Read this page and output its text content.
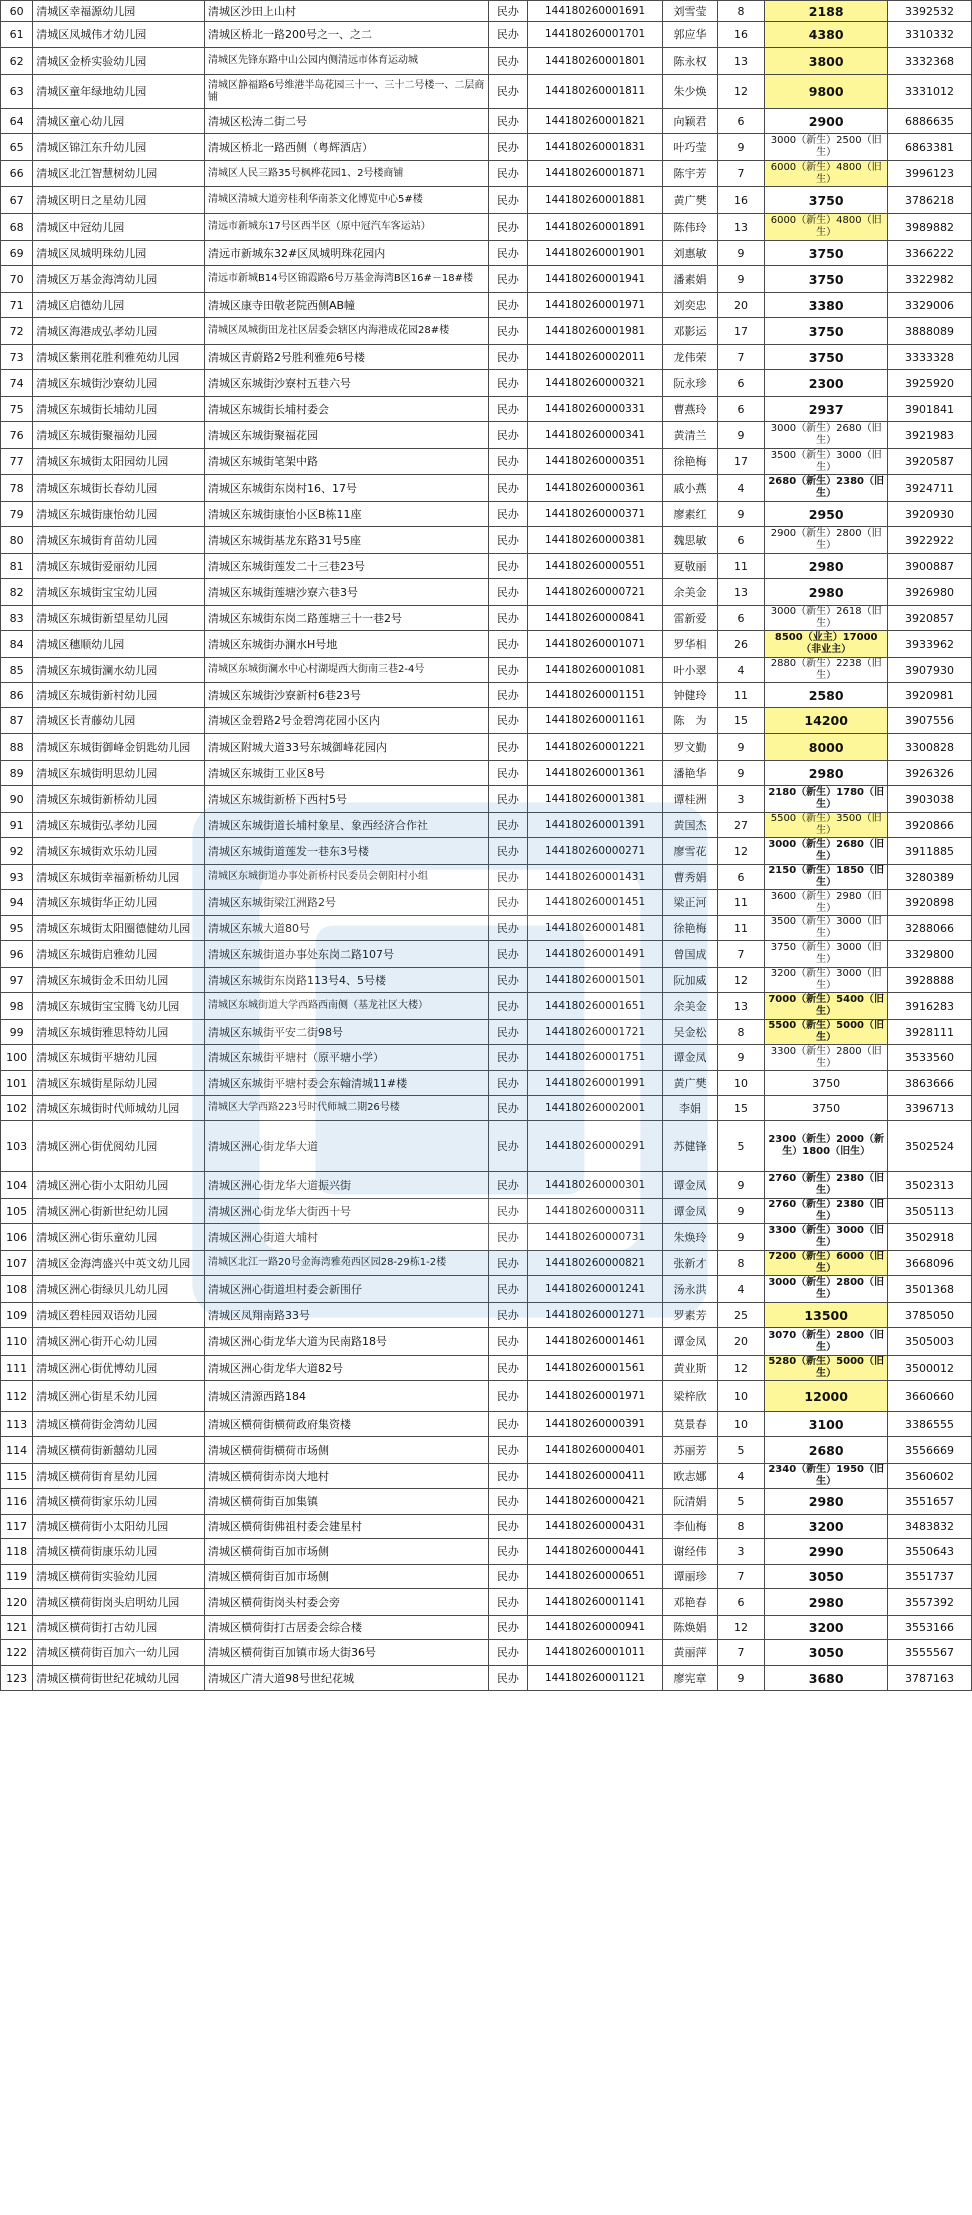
60	清城区幸福源幼儿园	清城区沙田上山村	民办	144180260001691	刘雪莹	8	2188	3392532
61	清城区凤城伟才幼儿园	清城区桥北一路200号之一、之二	民办	144180260001701	郭应华	16	4380	3310332
62	清城区金桥实验幼儿园	清城区先锋东路中山公园内侧清远市体育运动城	民办	144180260001801	陈永权	13	3800	3332368
63	清城区童年绿地幼儿园	清城区静福路6号维港半岛花园三十一、三十二号楼一、二层商铺	民办	144180260001811	朱少焕	12	9800	3331012
64	清城区童心幼儿园	清城区松涛二街二号	民办	144180260001821	向颖君	6	2900	6886635
65	清城区锦江东升幼儿园	清城区桥北一路西侧（粤辉酒店）	民办	144180260001831	叶巧莹	9	3000（新生）2500（旧生）	6863381
66	清城区北江智慧树幼儿园	清城区人民三路35号枫桦花园1、2号楼商铺	民办	144180260001871	陈宇芳	7	6000（新生）4800（旧生）	3996123
67	清城区明日之星幼儿园	清城区清城大道旁桂利华南茶文化博览中心5#楼	民办	144180260001881	黄广樊	16	3750	3786218
68	清城区中冠幼儿园	清远市新城东17号区西半区（原中冠汽车客运站）	民办	144180260001891	陈伟玲	13	6000（新生）4800（旧生）	3989882
69	清城区凤城明珠幼儿园	清远市新城东32#区凤城明珠花园内	民办	144180260001901	刘惠敏	9	3750	3366222
70	清城区万基金海湾幼儿园	清远市新城B14号区锦霞路6号万基金海湾B区16#－18#楼	民办	144180260001941	潘素娟	9	3750	3322982
71	清城区启德幼儿园	清城区康寺田敬老院西侧AB幢	民办	144180260001971	刘奕忠	20	3380	3329006
72	清城区海港成弘孝幼儿园	清城区凤城街田龙社区居委会辖区内海港成花园28#楼	民办	144180260001981	邓影运	17	3750	3888089
73	清城区紫荆花胜利雅苑幼儿园	清城区青蔚路2号胜利雅苑6号楼	民办	144180260002011	龙伟荣	7	3750	3333328
74	清城区东城街沙寮幼儿园	清城区东城街沙寮村五巷六号	民办	144180260000321	阮永珍	6	2300	3925920
75	清城区东城街长埔幼儿园	清城区东城街长埔村委会	民办	144180260000331	曹燕玲	6	2937	3901841
76	清城区东城街聚福幼儿园	清城区东城街聚福花园	民办	144180260000341	黄清兰	9	3000（新生）2680（旧生）	3921983
77	清城区东城街太阳园幼儿园	清城区东城街笔架中路	民办	144180260000351	徐艳梅	17	3500（新生）3000（旧生）	3920587
78	清城区东城街长春幼儿园	清城区东城街东岗村16、17号	民办	144180260000361	戚小燕	4	2680（新生）2380（旧生）	3924711
79	清城区东城街康怡幼儿园	清城区东城街康怡小区B栋11座	民办	144180260000371	廖素红	9	2950	3920930
80	清城区东城街育苗幼儿园	清城区东城街基龙东路31号5座	民办	144180260000381	魏思敏	6	2900（新生）2800（旧生）	3922922
81	清城区东城街爱丽幼儿园	清城区东城街莲发二十三巷23号	民办	144180260000551	夏敬丽	11	2980	3900887
82	清城区东城街宝宝幼儿园	清城区东城街莲塘沙寮六巷3号	民办	144180260000721	余美金	13	2980	3926980
83	清城区东城街新望星幼儿园	清城区东城街东岗二路莲塘三十一巷2号	民办	144180260000841	雷新爱	6	3000（新生）2618（旧生）	3920857
84	清城区穗顺幼儿园	清城区东城街办澜水H号地	民办	144180260001071	罗华相	26	8500（业主）17000（非业主）	3933962
85	清城区东城街澜水幼儿园	清城区东城街澜水中心村湖堤西大街南三巷2-4号	民办	144180260001081	叶小翠	4	2880（新生）2238（旧生）	3907930
86	清城区东城街新村幼儿园	清城区东城街沙寮新村6巷23号	民办	144180260001151	钟健玲	11	2580	3920981
87	清城区长青藤幼儿园	清城区金碧路2号金碧湾花园小区内	民办	144180260001161	陈　为	15	14200	3907556
88	清城区东城街御峰金钥匙幼儿园	清城区附城大道33号东城御峰花园内	民办	144180260001221	罗文勤	9	8000	3300828
89	清城区东城街明思幼儿园	清城区东城街工业区8号	民办	144180260001361	潘艳华	9	2980	3926326
90	清城区东城街新桥幼儿园	清城区东城街新桥下西村5号	民办	144180260001381	谭桂洲	3	2180（新生）1780（旧生）	3903038
91	清城区东城街弘孝幼儿园	清城区东城街道长埔村象星、象西经济合作社	民办	144180260001391	黄国杰	27	5500（新生）3500（旧生）	3920866
92	清城区东城街欢乐幼儿园	清城区东城街道莲发一巷东3号楼	民办	144180260000271	廖雪花	12	3000（新生）2680（旧生）	3911885
93	清城区东城街幸福新桥幼儿园	清城区东城街道办事处新桥村民委员会朝阳村小组	民办	144180260001431	曹秀娟	6	2150（新生）1850（旧生）	3280389
94	清城区东城街华正幼儿园	清城区东城街梁江洲路2号	民办	144180260001451	梁正河	11	3600（新生）2980（旧生）	3920898
95	清城区东城街太阳圈德健幼儿园	清城区东城大道80号	民办	144180260001481	徐艳梅	11	3500（新生）3000（旧生）	3288066
96	清城区东城街启雅幼儿园	清城区东城街道办事处东岗二路107号	民办	144180260001491	曾国成	7	3750（新生）3000（旧生）	3329800
97	清城区东城街金禾田幼儿园	清城区东城街东岗路113号4、5号楼	民办	144180260001501	阮加威	12	3200（新生）3000（旧生）	3928888
98	清城区东城街宝宝腾飞幼儿园	清城区东城街道大学西路西南侧（基龙社区大楼）	民办	144180260001651	余美金	13	7000（新生）5400（旧生）	3916283
99	清城区东城街雅思特幼儿园	清城区东城街平安二街98号	民办	144180260001721	吴金松	8	5500（新生）5000（旧生）	3928111
100	清城区东城街平塘幼儿园	清城区东城街平塘村（原平塘小学）	民办	144180260001751	谭金凤	9	3300（新生）2800（旧生）	3533560
101	清城区东城街星际幼儿园	清城区东城街平塘村委会东翰清城11#楼	民办	144180260001991	黄广樊	10	3750	3863666
102	清城区东城街时代师城幼儿园	清城区大学西路223号时代师城二期26号楼	民办	144180260002001	李娟	15	3750	3396713
103	清城区洲心街优阅幼儿园	清城区洲心街龙华大道	民办	144180260000291	苏健锋	5	2300（新生）2000（新生）1800（旧生）	3502524
104	清城区洲心街小太阳幼儿园	清城区洲心街龙华大道振兴街	民办	144180260000301	谭金凤	9	2760（新生）2380（旧生）	3502313
105	清城区洲心街新世纪幼儿园	清城区洲心街龙华大街西十号	民办	144180260000311	谭金凤	9	2760（新生）2380（旧生）	3505113
106	清城区洲心街乐童幼儿园	清城区洲心街道大埔村	民办	144180260000731	朱焕玲	9	3300（新生）3000（旧生）	3502918
107	清城区金海湾盛兴中英文幼儿园	清城区北江一路20号金海湾雅苑西区园28-29栋1-2楼	民办	144180260000821	张新才	8	7200（新生）6000（旧生）	3668096
108	清城区洲心街绿贝儿幼儿园	清城区洲心街道坦村委会新围仔	民办	144180260001241	汤永洪	4	3000（新生）2800（旧生）	3501368
109	清城区碧桂园双语幼儿园	清城区凤翔南路33号	民办	144180260001271	罗素芳	25	13500	3785050
110	清城区洲心街开心幼儿园	清城区洲心街龙华大道为民南路18号	民办	144180260001461	谭金凤	20	3070（新生）2800（旧生）	3505003
111	清城区洲心街优博幼儿园	清城区洲心街龙华大道82号	民办	144180260001561	黄业斯	12	5280（新生）5000（旧生）	3500012
112	清城区洲心街星禾幼儿园	清城区清源西路184	民办	144180260001971	梁梓欣	10	12000	3660660
113	清城区横荷街金湾幼儿园	清城区横荷街横荷政府集资楼	民办	144180260000391	莫景春	10	3100	3386555
114	清城区横荷街新囍幼儿园	清城区横荷街横荷市场侧	民办	144180260000401	苏丽芳	5	2680	3556669
115	清城区横荷街育星幼儿园	清城区横荷街赤岗大地村	民办	144180260000411	欧志娜	4	2340（新生）1950（旧生）	3560602
116	清城区横荷街家乐幼儿园	清城区横荷街百加集镇	民办	144180260000421	阮清娟	5	2980	3551657
117	清城区横荷街小太阳幼儿园	清城区横荷街佛祖村委会建星村	民办	144180260000431	李仙梅	8	3200	3483832
118	清城区横荷街康乐幼儿园	清城区横荷街百加市场侧	民办	144180260000441	谢经伟	3	2990	3550643
119	清城区横荷街实验幼儿园	清城区横荷街百加市场侧	民办	144180260000651	谭丽珍	7	3050	3551737
120	清城区横荷街岗头启明幼儿园	清城区横荷街岗头村委会旁	民办	144180260001141	邓艳春	6	2980	3557392
121	清城区横荷街打古幼儿园	清城区横荷街打古居委会综合楼	民办	144180260000941	陈焕娟	12	3200	3553166
122	清城区横荷街百加六一幼儿园	清城区横荷街百加镇市场大街36号	民办	144180260001011	黄丽萍	7	3050	3555567
123	清城区横荷街世纪花城幼儿园	清城区广清大道98号世纪花城	民办	144180260001121	廖宪章	9	3680	3787163
